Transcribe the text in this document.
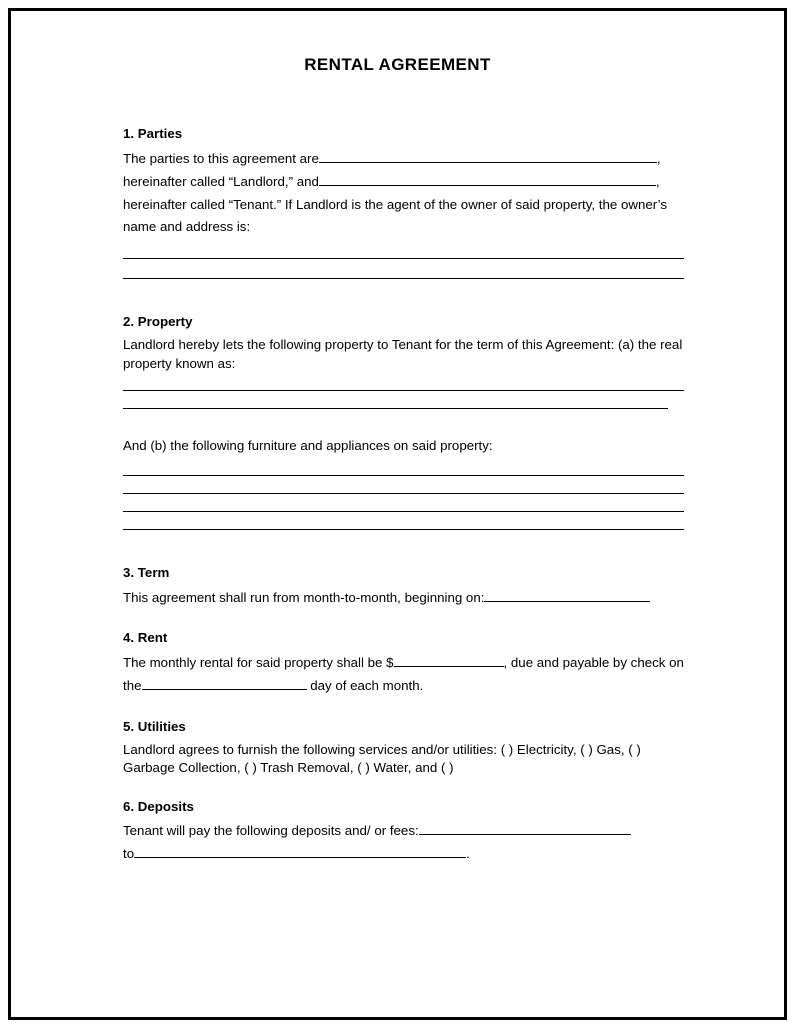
RENTAL AGREEMENT
1. Parties
The parties to this agreement are	,
hereinafter called “Landlord,” and	,
hereinafter called “Tenant.” If Landlord is the agent of the owner of said property, the owner’s
name and address is:
2. Property
Landlord hereby lets the following property to Tenant for the term of this Agreement: (a) the real property known as:
And (b) the following furniture and appliances on said property:
3. Term
This agreement shall run from month-to-month, beginning on:
4. Rent
The monthly rental for said property shall be $	, due and payable by check on the	day of each month.
5. Utilities
Landlord agrees to furnish the following services and/or utilities: ( ) Electricity, ( ) Gas, ( ) Garbage Collection, ( ) Trash Removal, ( ) Water, and ( )
6. Deposits
Tenant will pay the following deposits and/ or fees:
to	.
